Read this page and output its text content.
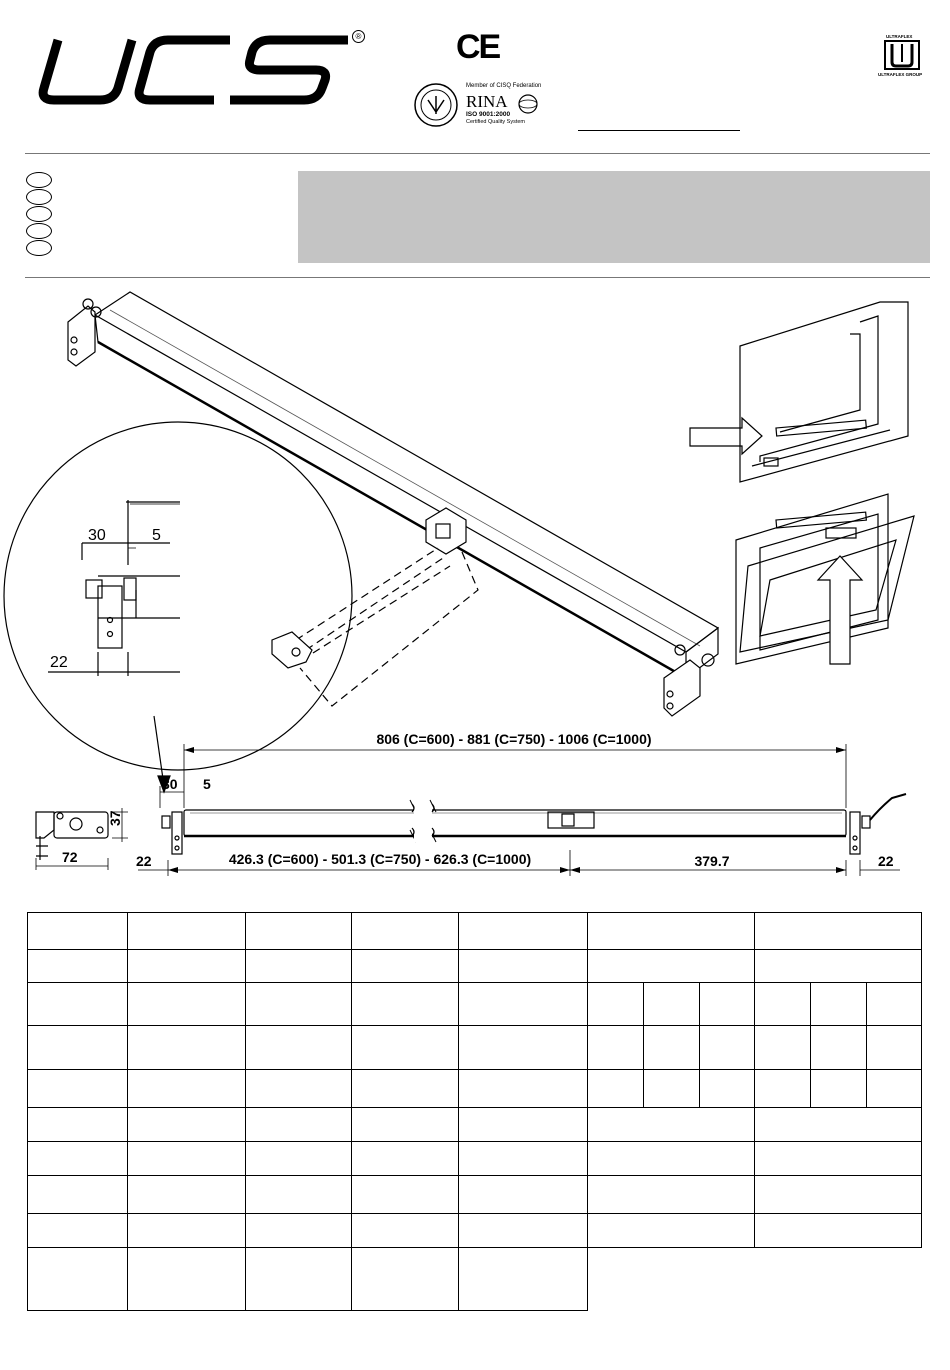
®	CE
Member of CISQ Federation
RINA
ISO 9001:2000
Certified Quality System
ULTRAFLEX
ULTRAFLEX GROUP
806 (C=600) - 881 (C=750) - 1006 (C=1000)
30 5
22	426.3 (C=600) - 501.3 (C=750) - 626.3 (C=1000)	379.7	22
72
37
30	5
22
